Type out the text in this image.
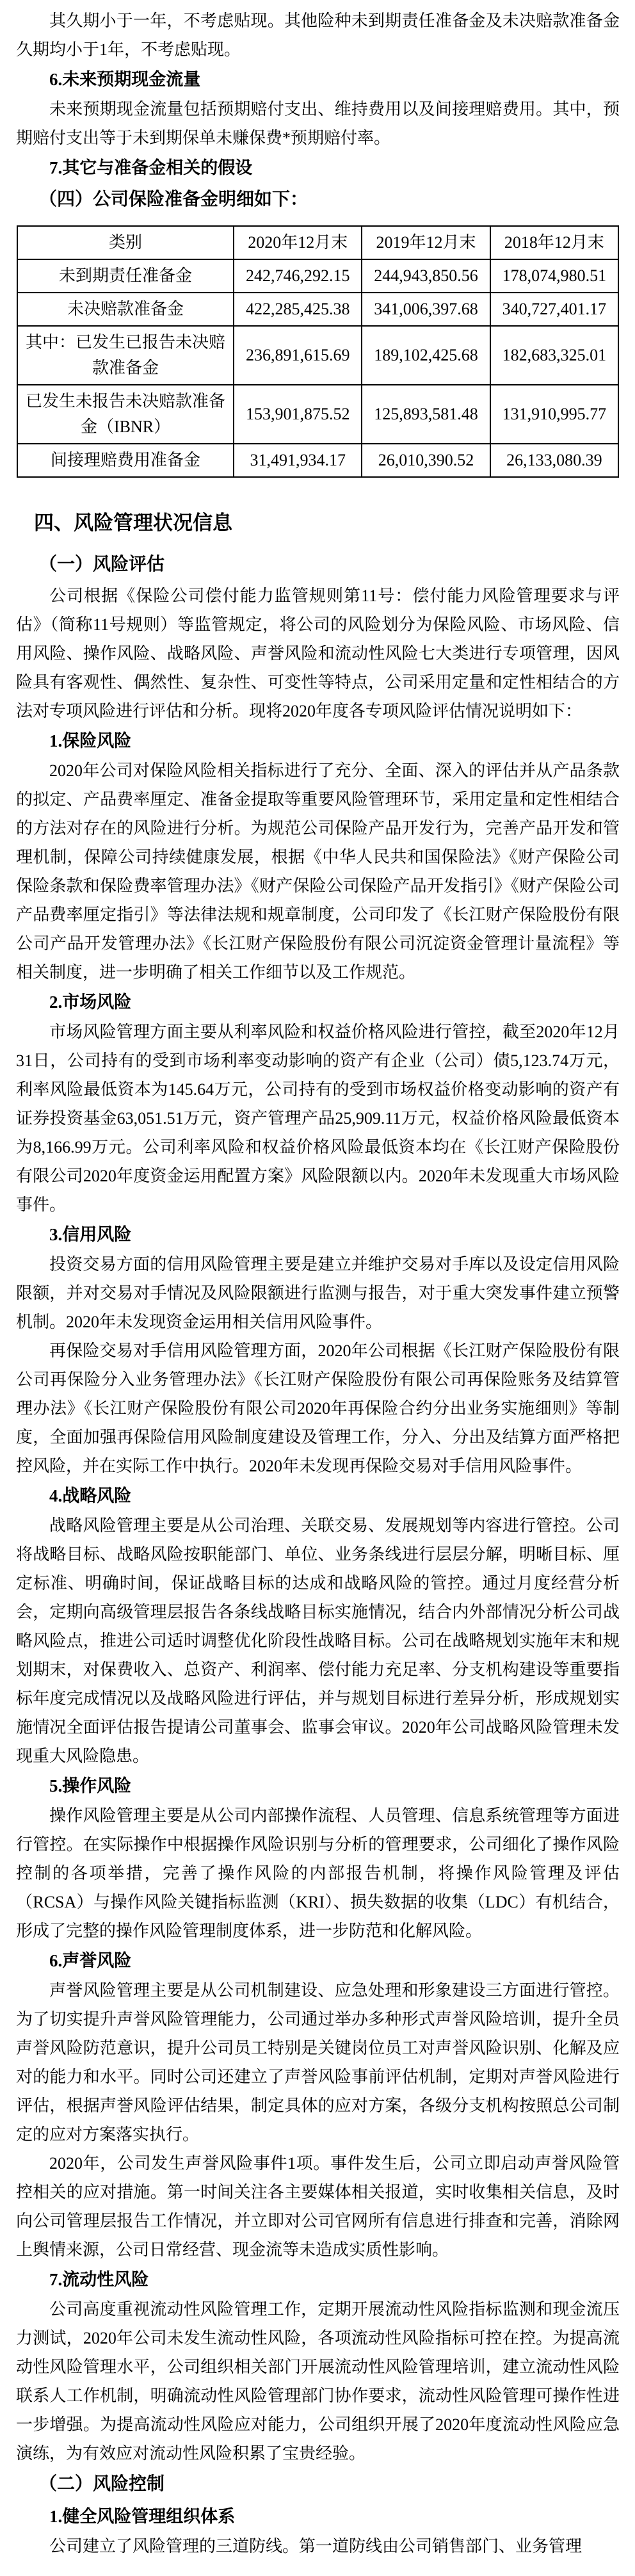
其久期小于一年，不考虑贴现。其他险种未到期责任准备金及未决赔款准备金久期均小于1年，不考虑贴现。
6.未来预期现金流量
未来预期现金流量包括预期赔付支出、维持费用以及间接理赔费用。其中，预期赔付支出等于未到期保单未赚保费*预期赔付率。
7.其它与准备金相关的假设
（四）公司保险准备金明细如下：
类别	2020年12月末	2019年12月末	2018年12月末
未到期责任准备金	242,746,292.15	244,943,850.56	178,074,980.51
未决赔款准备金	422,285,425.38	341,006,397.68	340,727,401.17
其中：已发生已报告未决赔款准备金	236,891,615.69	189,102,425.68	182,683,325.01
已发生未报告未决赔款准备金（IBNR）	153,901,875.52	125,893,581.48	131,910,995.77
间接理赔费用准备金	31,491,934.17	26,010,390.52	26,133,080.39
四、风险管理状况信息
（一）风险评估
公司根据《保险公司偿付能力监管规则第11号：偿付能力风险管理要求与评估》（简称11号规则）等监管规定，将公司的风险划分为保险风险、市场风险、信用风险、操作风险、战略风险、声誉风险和流动性风险七大类进行专项管理，因风险具有客观性、偶然性、复杂性、可变性等特点，公司采用定量和定性相结合的方法对专项风险进行评估和分析。现将2020年度各专项风险评估情况说明如下：
1.保险风险
2020年公司对保险风险相关指标进行了充分、全面、深入的评估并从产品条款的拟定、产品费率厘定、准备金提取等重要风险管理环节，采用定量和定性相结合的方法对存在的风险进行分析。为规范公司保险产品开发行为，完善产品开发和管理机制，保障公司持续健康发展，根据《中华人民共和国保险法》《财产保险公司保险条款和保险费率管理办法》《财产保险公司保险产品开发指引》《财产保险公司产品费率厘定指引》等法律法规和规章制度，公司印发了《长江财产保险股份有限公司产品开发管理办法》《长江财产保险股份有限公司沉淀资金管理计量流程》等相关制度，进一步明确了相关工作细节以及工作规范。
2.市场风险
市场风险管理方面主要从利率风险和权益价格风险进行管控，截至2020年12月31日，公司持有的受到市场利率变动影响的资产有企业（公司）债5,123.74万元，利率风险最低资本为145.64万元，公司持有的受到市场权益价格变动影响的资产有证券投资基金63,051.51万元，资产管理产品25,909.11万元，权益价格风险最低资本为8,166.99万元。公司利率风险和权益价格风险最低资本均在《长江财产保险股份有限公司2020年度资金运用配置方案》风险限额以内。2020年未发现重大市场风险事件。
3.信用风险
投资交易方面的信用风险管理主要是建立并维护交易对手库以及设定信用风险限额，并对交易对手情况及风险限额进行监测与报告，对于重大突发事件建立预警机制。2020年未发现资金运用相关信用风险事件。
再保险交易对手信用风险管理方面，2020年公司根据《长江财产保险股份有限公司再保险分入业务管理办法》《长江财产保险股份有限公司再保险账务及结算管理办法》《长江财产保险股份有限公司2020年再保险合约分出业务实施细则》等制度，全面加强再保险信用风险制度建设及管理工作，分入、分出及结算方面严格把控风险，并在实际工作中执行。2020年未发现再保险交易对手信用风险事件。
4.战略风险
战略风险管理主要是从公司治理、关联交易、发展规划等内容进行管控。公司将战略目标、战略风险按职能部门、单位、业务条线进行层层分解，明晰目标、厘定标准、明确时间，保证战略目标的达成和战略风险的管控。通过月度经营分析会，定期向高级管理层报告各条线战略目标实施情况，结合内外部情况分析公司战略风险点，推进公司适时调整优化阶段性战略目标。公司在战略规划实施年末和规划期末，对保费收入、总资产、利润率、偿付能力充足率、分支机构建设等重要指标年度完成情况以及战略风险进行评估，并与规划目标进行差异分析，形成规划实施情况全面评估报告提请公司董事会、监事会审议。2020年公司战略风险管理未发现重大风险隐患。
5.操作风险
操作风险管理主要是从公司内部操作流程、人员管理、信息系统管理等方面进行管控。在实际操作中根据操作风险识别与分析的管理要求，公司细化了操作风险控制的各项举措，完善了操作风险的内部报告机制，将操作风险管理及评估（RCSA）与操作风险关键指标监测（KRI）、损失数据的收集（LDC）有机结合，形成了完整的操作风险管理制度体系，进一步防范和化解风险。
6.声誉风险
声誉风险管理主要是从公司机制建设、应急处理和形象建设三方面进行管控。为了切实提升声誉风险管理能力，公司通过举办多种形式声誉风险培训，提升全员声誉风险防范意识，提升公司员工特别是关键岗位员工对声誉风险识别、化解及应对的能力和水平。同时公司还建立了声誉风险事前评估机制，定期对声誉风险进行评估，根据声誉风险评估结果，制定具体的应对方案，各级分支机构按照总公司制定的应对方案落实执行。
2020年，公司发生声誉风险事件1项。事件发生后，公司立即启动声誉风险管控相关的应对措施。第一时间关注各主要媒体相关报道，实时收集相关信息，及时向公司管理层报告工作情况，并立即对公司官网所有信息进行排查和完善，消除网上舆情来源，公司日常经营、现金流等未造成实质性影响。
7.流动性风险
公司高度重视流动性风险管理工作，定期开展流动性风险指标监测和现金流压力测试，2020年公司未发生流动性风险，各项流动性风险指标可控在控。为提高流动性风险管理水平，公司组织相关部门开展流动性风险管理培训，建立流动性风险联系人工作机制，明确流动性风险管理部门协作要求，流动性风险管理可操作性进一步增强。为提高流动性风险应对能力，公司组织开展了2020年度流动性风险应急演练，为有效应对流动性风险积累了宝贵经验。
（二）风险控制
1.健全风险管理组织体系
公司建立了风险管理的三道防线。第一道防线由公司销售部门、业务管理
